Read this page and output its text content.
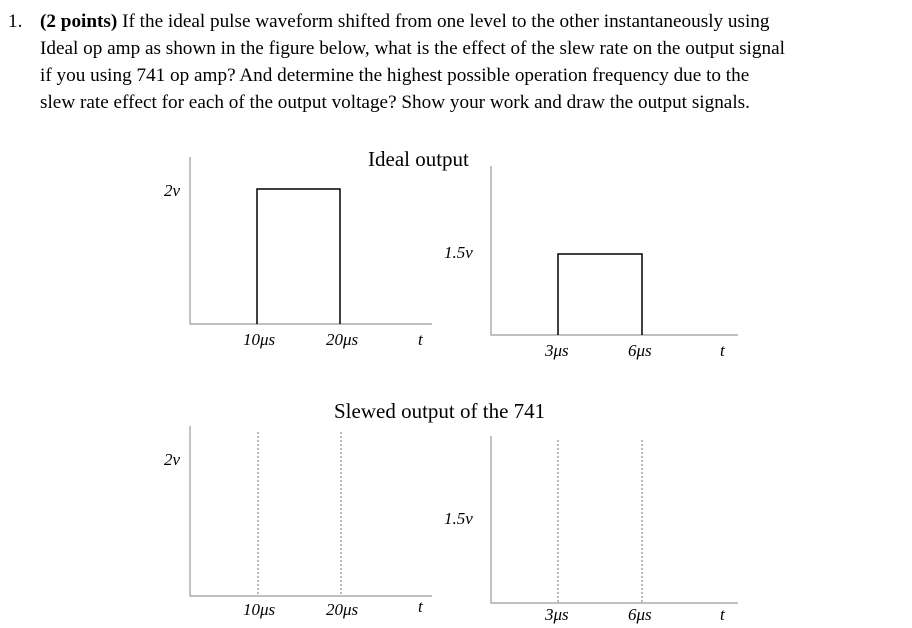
1. (2 points) If the ideal pulse waveform shifted from one level to the other instantaneously using
Ideal op amp as shown in the figure below, what is the effect of the slew rate on the output signal
if you using 741 op amp? And determine the highest possible operation frequency due to the
slew rate effect for each of the output voltage? Show your work and draw the output signals.
Ideal output
Slewed output of the 741
2v
10μs	20μs	t
1.5v
3μs	6μs	t
2v
10μs	20μs	t
1.5v
3μs	6μs	t
